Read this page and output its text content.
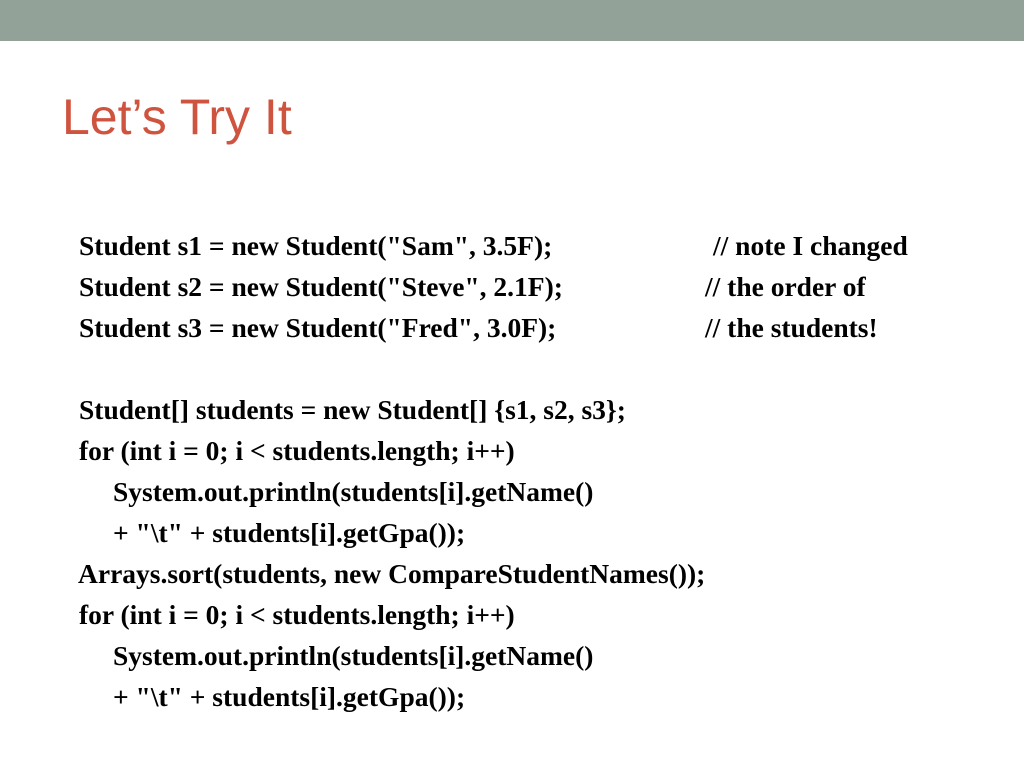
Let’s Try It
Student s1 = new Student("Sam", 3.5F);	// note I changed
Student s2 = new Student("Steve", 2.1F);	// the order of
Student s3 = new Student("Fred", 3.0F);	// the students!
Student[] students = new Student[] {s1, s2, s3};
for (int i = 0; i < students.length; i++)
System.out.println(students[i].getName()
+ "\t" + students[i].getGpa());
Arrays.sort(students, new CompareStudentNames());
for (int i = 0; i < students.length; i++)
System.out.println(students[i].getName()
+ "\t" + students[i].getGpa());
